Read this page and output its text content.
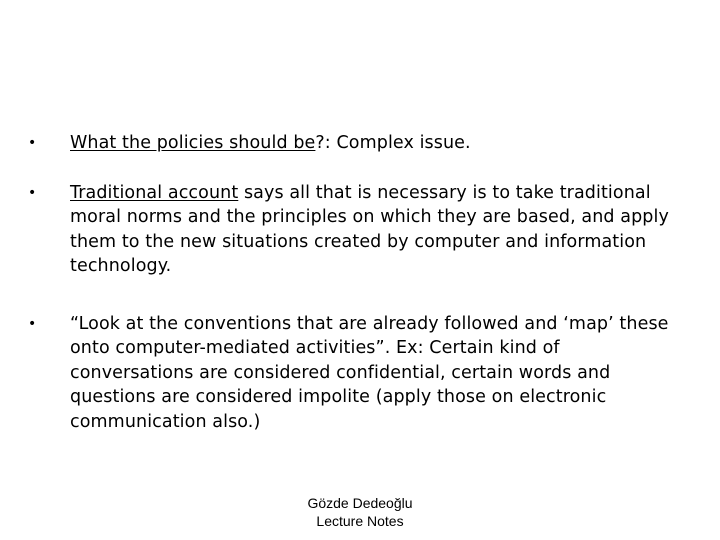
• What the policies should be?: Complex issue.
• Traditional account says all that is necessary is to take traditional moral norms and the principles on which they are based, and apply them to the new situations created by computer and information technology.
• “Look at the conventions that are already followed and ‘map’ these onto computer-mediated activities”. Ex: Certain kind of conversations are considered confidential, certain words and questions are considered impolite (apply those on electronic communication also.)
Gözde Dedeoğlu
Lecture Notes
